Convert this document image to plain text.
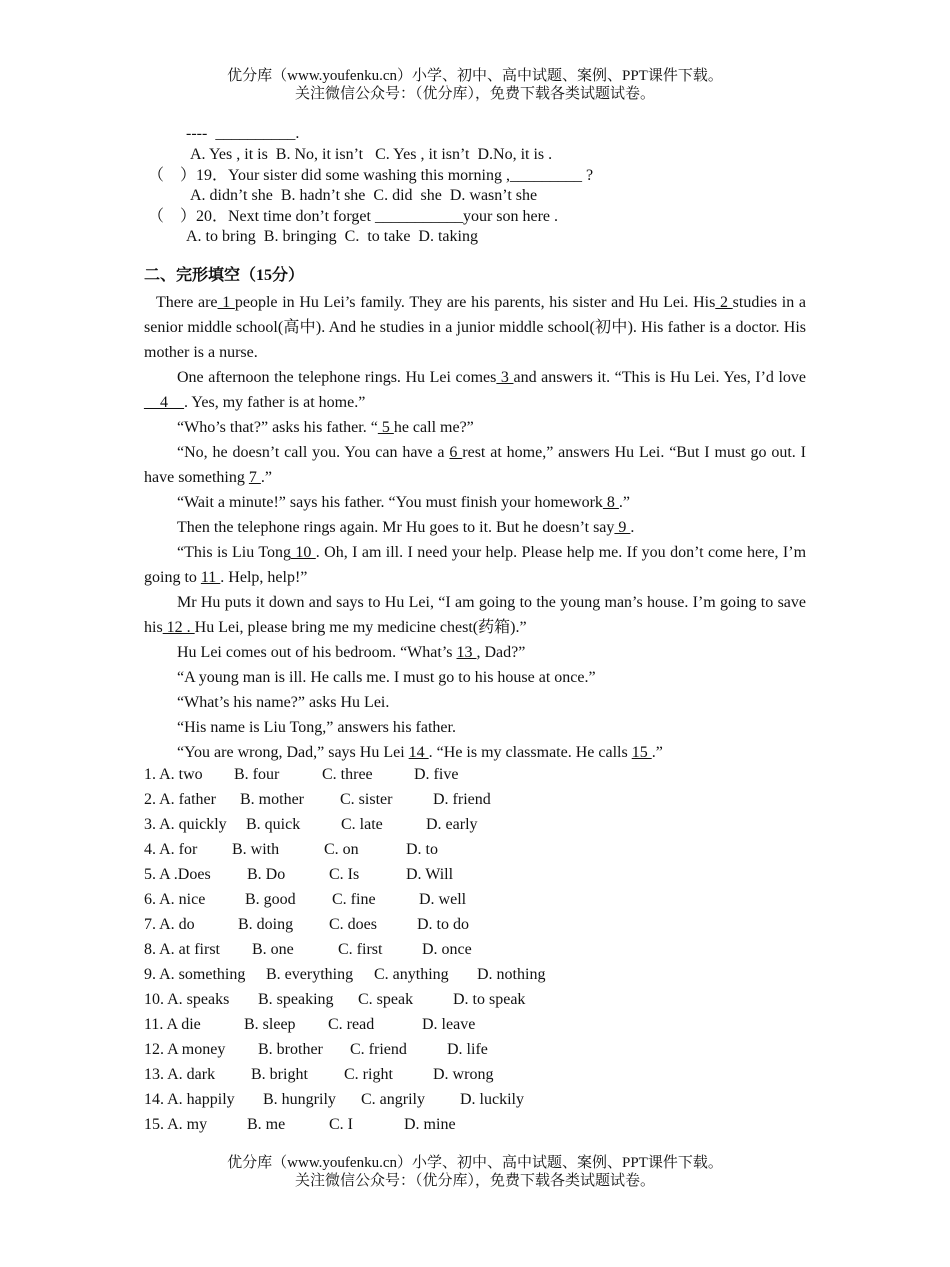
优分库（www.youfenku.cn）小学、初中、高中试题、案例、PPT课件下载。
关注微信公众号：（优分库），免费下载各类试题试卷。
----  __________.
A. Yes , it is  B. No, it isn’t   C. Yes , it isn’t  D.No, it is .
（    ）19．Your sister did some washing this morning ,_________ ?
A. didn’t she  B. hadn’t she  C. did  she  D. wasn’t she
（    ）20．Next time don’t forget ___________your son here .
A. to bring  B. bringing  C.  to take  D. taking
二、完形填空（15分）
There are 1 people in Hu Lei’s family. They are his parents, his sister and Hu Lei. His 2 studies in a senior middle school(高中). And he studies in a junior middle school(初中). His father is a doctor. His mother is a nurse.
One afternoon the telephone rings. Hu Lei comes 3 and answers it. “This is Hu Lei. Yes, I’d love __4__. Yes, my father is at home.”
“Who’s that?” asks his father. “ 5 he call me?”
“No, he doesn’t call you. You can have a 6 rest at home,” answers Hu Lei. “But I must go out. I have something 7 .”
“Wait a minute!” says his father. “You must finish your homework 8 .”
Then the telephone rings again. Mr Hu goes to it. But he doesn’t say 9 .
“This is Liu Tong 10 . Oh, I am ill. I need your help. Please help me. If you don’t come here, I’m going to 11 . Help, help!”
Mr Hu puts it down and says to Hu Lei, “I am going to the young man’s house. I’m going to save his 12 . Hu Lei, please bring me my medicine chest(药箱).”
Hu Lei comes out of his bedroom. “What’s 13 , Dad?”
“A young man is ill. He calls me. I must go to his house at once.”
“What’s his name?” asks Hu Lei.
“His name is Liu Tong,” answers his father.
“You are wrong, Dad,” says Hu Lei 14 . “He is my classmate. He calls 15 .”
1. A. two B. four	C. three	D. five
2. A. father B. mother C. sister	D. friend
3. A. quickly B. quick	C. late	D. early
4. A. for B. with	C. on	D. to
5. A .Does B. Do	C. Is	D. Will
6. A. nice B. good C. fine	D. well
7. A. do	B. doing C. does	D. to do
8. A. at first B. one	C. first D. once
9. A. something B. everything C. anything D. nothing
10. A. speaks B. speaking C. speak D. to speak
11. A die	B. sleep C. read	D. leave
12. A money B. brother C. friend	D. life
13. A. dark B. bright C. right	D. wrong
14. A. happily B. hungrily C. angrily D. luckily
15. A. my B. me	C. I	D. mine
优分库（www.youfenku.cn）小学、初中、高中试题、案例、PPT课件下载。
关注微信公众号：（优分库），免费下载各类试题试卷。
